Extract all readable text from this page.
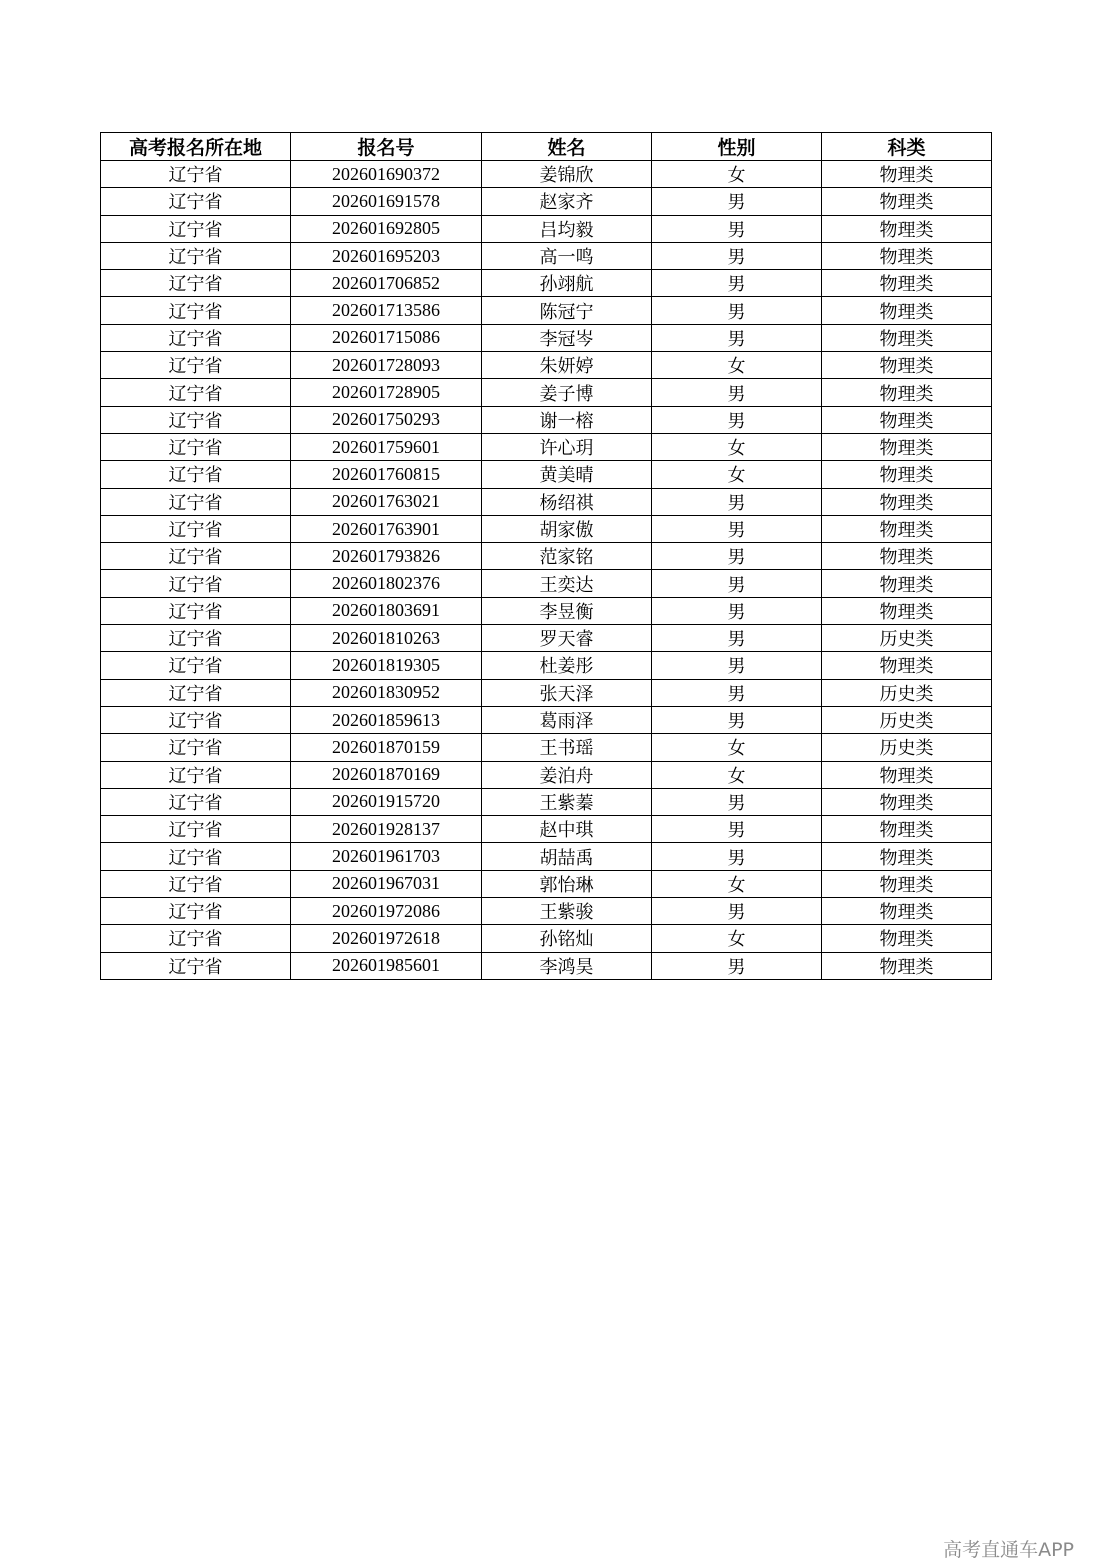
高考报名所在地	报名号	姓名	性别	科类
辽宁省	202601690372	姜锦欣	女	物理类
辽宁省	202601691578	赵家齐	男	物理类
辽宁省	202601692805	吕均毅	男	物理类
辽宁省	202601695203	高一鸣	男	物理类
辽宁省	202601706852	孙翊航	男	物理类
辽宁省	202601713586	陈冠宁	男	物理类
辽宁省	202601715086	李冠岑	男	物理类
辽宁省	202601728093	朱妍婷	女	物理类
辽宁省	202601728905	姜子博	男	物理类
辽宁省	202601750293	谢一榕	男	物理类
辽宁省	202601759601	许心玥	女	物理类
辽宁省	202601760815	黄美晴	女	物理类
辽宁省	202601763021	杨绍祺	男	物理类
辽宁省	202601763901	胡家傲	男	物理类
辽宁省	202601793826	范家铭	男	物理类
辽宁省	202601802376	王奕达	男	物理类
辽宁省	202601803691	李昱衡	男	物理类
辽宁省	202601810263	罗天睿	男	历史类
辽宁省	202601819305	杜姜彤	男	物理类
辽宁省	202601830952	张天泽	男	历史类
辽宁省	202601859613	葛雨泽	男	历史类
辽宁省	202601870159	王书瑶	女	历史类
辽宁省	202601870169	姜泊舟	女	物理类
辽宁省	202601915720	王紫蓁	男	物理类
辽宁省	202601928137	赵中琪	男	物理类
辽宁省	202601961703	胡喆禹	男	物理类
辽宁省	202601967031	郭怡琳	女	物理类
辽宁省	202601972086	王紫骏	男	物理类
辽宁省	202601972618	孙铭灿	女	物理类
辽宁省	202601985601	李鸿昊	男	物理类
高考直通车APP
